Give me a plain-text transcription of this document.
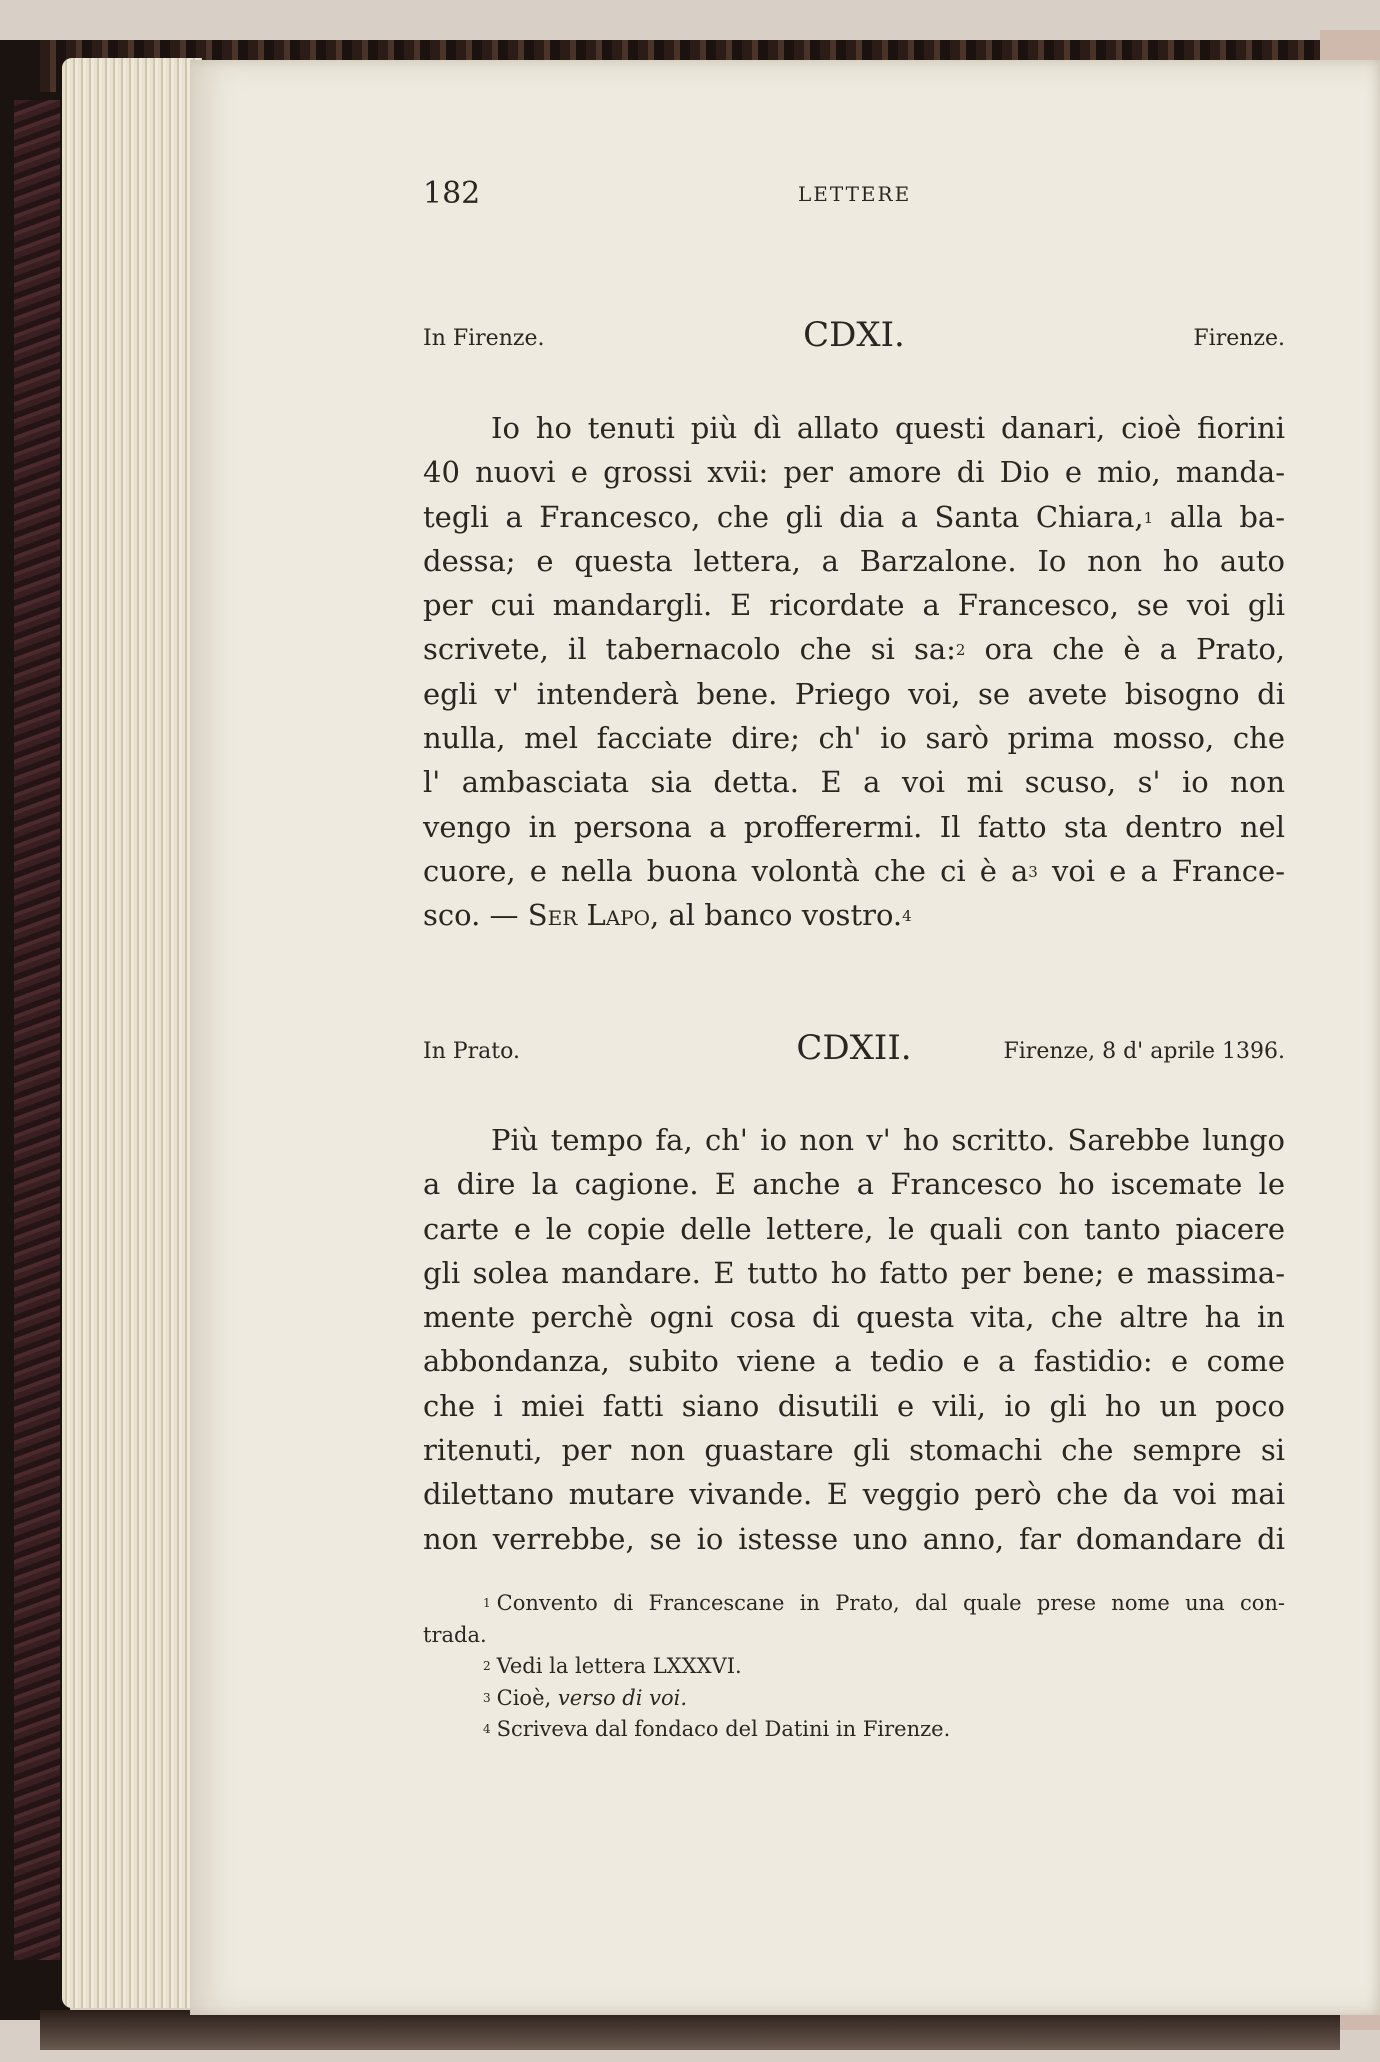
182	LETTERE
In Firenze.	CDXI.	Firenze.
Io ho tenuti più dì allato questi danari, cioè fiorini
40 nuovi e grossi xvii: per amore di Dio e mio, manda-
tegli a Francesco, che gli dia a Santa Chiara,$^1$ alla ba-
dessa; e questa lettera, a Barzalone. Io non ho auto
per cui mandargli. E ricordate a Francesco, se voi gli
scrivete, il tabernacolo che si sa:$^2$ ora che è a Prato,
egli v' intenderà bene. Priego voi, se avete bisogno di
nulla, mel facciate dire; ch' io sarò prima mosso, che
l' ambasciata sia detta. E a voi mi scuso, s' io non
vengo in persona a profferermi. Il fatto sta dentro nel
cuore, e nella buona volontà che ci è $a^3$ voi e a France-
sco. — Ser Lapo, al banco vostro.$^4$
In Prato.	CDXII.	Firenze, 8 d' aprile 1396.
Più tempo fa, ch' io non v' ho scritto. Sarebbe lungo
a dire la cagione. E anche a Francesco ho iscemate le
carte e le copie delle lettere, le quali con tanto piacere
gli solea mandare. E tutto ho fatto per bene; e massima-
mente perchè ogni cosa di questa vita, che altre ha in
abbondanza, subito viene a tedio e a fastidio: e come
che i miei fatti siano disutili e vili, io gli ho un poco
ritenuti, per non guastare gli stomachi che sempre si
dilettano mutare vivande. E veggio però che da voi mai
non verrebbe, se io istesse uno anno, far domandare di
$^1$ Convento di Francescane in Prato, dal quale prese nome una con-
trada.
$^2$ Vedi la lettera LXXXVI.
$^3$ Cioè, verso di voi.
$^4$ Scriveva dal fondaco del Datini in Firenze.
